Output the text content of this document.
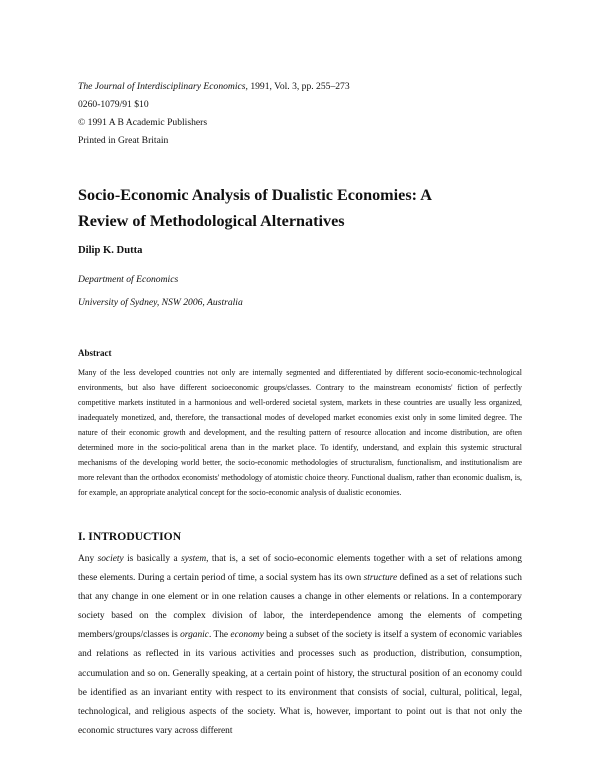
The Journal of Interdisciplinary Economics, 1991, Vol. 3, pp. 255–273
0260-1079/91 $10
© 1991 A B Academic Publishers
Printed in Great Britain
Socio-Economic Analysis of Dualistic Economies: A Review of Methodological Alternatives
Dilip K. Dutta
Department of Economics
University of Sydney, NSW 2006, Australia
Abstract

Many of the less developed countries not only are internally segmented and differentiated by different socio-economic-technological environments, but also have different socioeconomic groups/classes. Contrary to the mainstream economists' fiction of perfectly competitive markets instituted in a harmonious and well-ordered societal system, markets in these countries are usually less organized, inadequately monetized, and, therefore, the transactional modes of developed market economies exist only in some limited degree. The nature of their economic growth and development, and the resulting pattern of resource allocation and income distribution, are often determined more in the socio-political arena than in the market place. To identify, understand, and explain this systemic structural mechanisms of the developing world better, the socio-economic methodologies of structuralism, functionalism, and institutionalism are more relevant than the orthodox economists' methodology of atomistic choice theory. Functional dualism, rather than economic dualism, is, for example, an appropriate analytical concept for the socio-economic analysis of dualistic economies.

I. INTRODUCTION

Any society is basically a system, that is, a set of socio-economic elements together with a set of relations among these elements. During a certain period of time, a social system has its own structure defined as a set of relations such that any change in one element or in one relation causes a change in other elements or relations. In a contemporary society based on the complex division of labor, the interdependence among the elements of competing members/groups/classes is organic. The economy being a subset of the society is itself a system of economic variables and relations as reflected in its various activities and processes such as production, distribution, consumption, accumulation and so on. Generally speaking, at a certain point of history, the structural position of an economy could be identified as an invariant entity with respect to its environment that consists of social, cultural, political, legal, technological, and religious aspects of the society. What is, however, important to point out is that not only the economic structures vary across different
